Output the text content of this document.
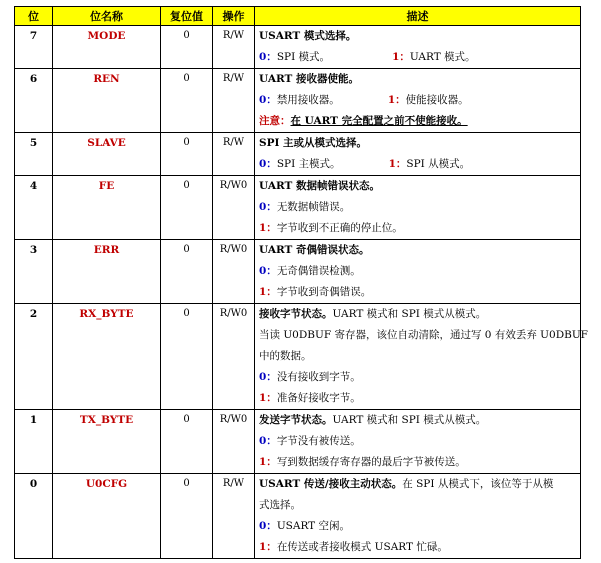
位	位名称	复位值	操作	描述
7	MODE	0	R/W	USART 模式选择。
0：SPI 模式。 1：UART 模式。

6	REN	0	R/W	UART 接收器使能。
0：禁用接收器。 1：使能接收器。
注意：在 UART 完全配置之前不使能接收。

5	SLAVE	0	R/W	SPI 主或从模式选择。
0：SPI 主模式。 1：SPI 从模式。

4	FE	0	R/W0	UART 数据帧错误状态。
0：无数据帧错误。
1：字节收到不正确的停止位。

3	ERR	0	R/W0	UART 奇偶错误状态。
0：无奇偶错误检测。
1：字节收到奇偶错误。

2	RX_BYTE	0	R/W0	接收字节状态。UART 模式和 SPI 模式从模式。
当读 U0DBUF 寄存器，该位自动清除，通过写 0 有效丢弃 U0DBUF
中的数据。
0：没有接收到字节。
1：准备好接收字节。

1	TX_BYTE	0	R/W0	发送字节状态。UART 模式和 SPI 模式从模式。
0：字节没有被传送。
1：写到数据缓存寄存器的最后字节被传送。

0	U0CFG	0	R/W	USART 传送/接收主动状态。在 SPI 从模式下，该位等于从模
式选择。
0：USART 空闲。
1：在传送或者接收模式 USART 忙碌。
